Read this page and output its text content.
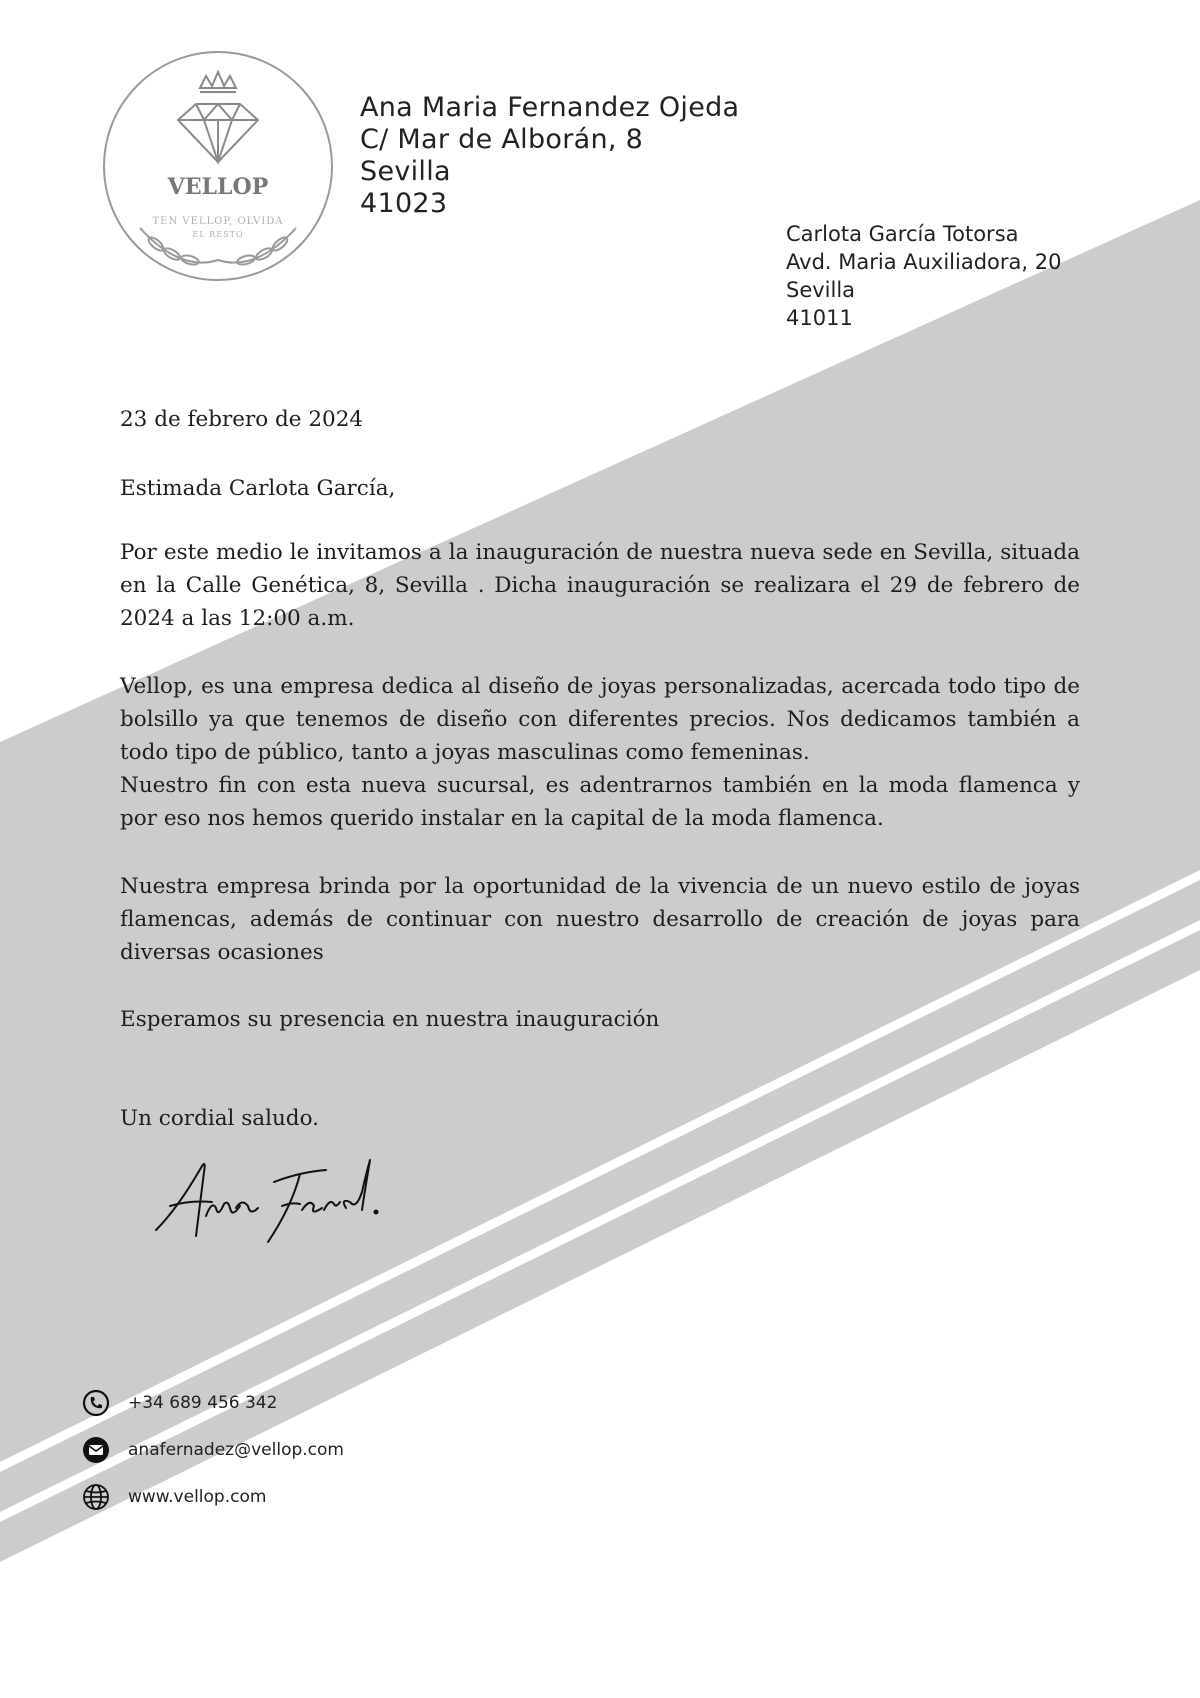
VELLOP
TEN VELLOP, OLVIDA
EL RESTO
Ana Maria Fernandez Ojeda
C/ Mar de Alborán, 8
Sevilla
41023
Carlota García Totorsa
Avd. Maria Auxiliadora, 20
Sevilla
41011
23 de febrero de 2024
Estimada Carlota García,
Por este medio le invitamos a la inauguración de nuestra nueva sede en Sevilla, situada en la Calle Genética, 8, Sevilla . Dicha inauguración se realizara el 29 de febrero de 2024 a las 12:00 a.m.
Vellop, es una empresa dedica al diseño de joyas personalizadas, acercada todo tipo de bolsillo ya que tenemos de diseño con diferentes precios. Nos dedicamos también a todo tipo de público, tanto a joyas masculinas como femeninas.
Nuestro fin con esta nueva sucursal, es adentrarnos también en la moda flamenca y por eso nos hemos querido instalar en la capital de la moda flamenca.
Nuestra empresa brinda por la oportunidad de la vivencia de un nuevo estilo de joyas flamencas, además de continuar con nuestro desarrollo de creación de joyas para diversas ocasiones
Esperamos su presencia en nuestra inauguración
Un cordial saludo.
+34 689 456 342
anafernadez@vellop.com
www.vellop.com
